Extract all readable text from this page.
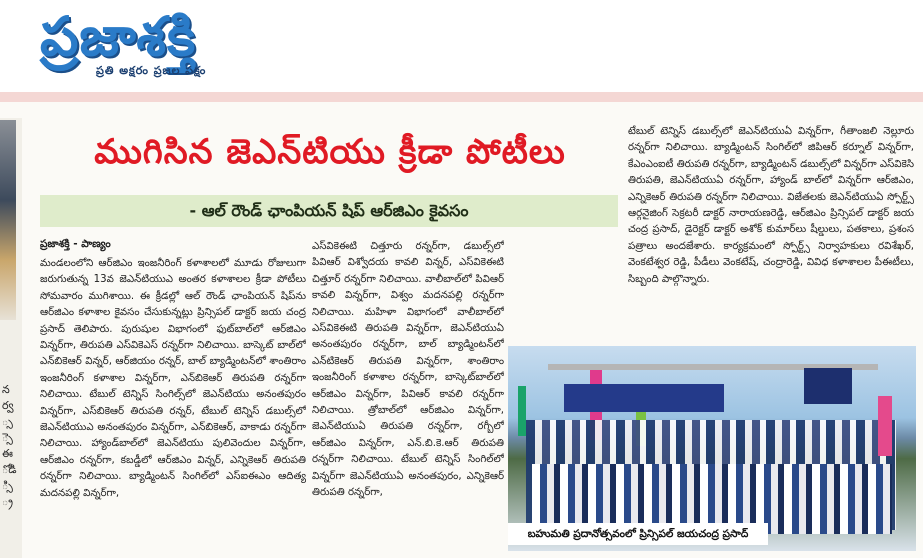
ప్రజాశక్తి
ప్రతి అక్షరం ప్రజల పక్షం
న ర్వ ్స ్సె ఈ ోడి ్సి ్ర
ముగిసిన జెఎన్‌టియు క్రీడా పోటీలు
- ఆల్‌ రౌండ్‌ ఛాంపియన్‌ షిప్‌ ఆర్‌జిఎం కైవసం
ప్రజాశక్తి - పాణ్యం
మండలంలోని ఆర్‌జిఎం ఇంజనీరింగ్‌ కళాశాలలో మూడు రోజులుగా జరుగుతున్న 13వ జెఎన్‌టియుఎ అంతర కళాశాలల క్రీడా పోటీలు సోమవారం ముగిశాయి. ఈ క్రీడల్లో ఆల్‌ రౌండ్‌ ఛాంపియన్‌ షిప్‌ను ఆర్‌జిఎం కళాశాల కైవసం చేసుకున్నట్లు ప్రిన్సిపల్‌ డాక్టర్‌ జయ చంద్ర ప్రసాద్‌ తెలిపారు. పురుషుల విభాగంలో ఫుట్‌బాల్‌లో ఆర్‌జిఎం విన్నర్‌గా, తిరుపతి ఎస్‌వికెఎస్‌ రన్నర్‌గా నిలిచాయి. బాస్కెట్‌ బాల్‌లో ఎన్‌బికెఆర్‌ విన్నర్‌, ఆర్‌జియం రన్నర్‌, బాల్‌ బ్యాడ్మింటన్‌లో శాంతిరాం ఇంజనీరింగ్‌ కళాశాల విన్నర్‌గా, ఎన్‌బికెఆర్‌ తిరుపతి రన్నర్‌గా నిలిచాయి. టేబుల్‌ టెన్నిస్‌ సింగిల్స్‌లో జెఎన్‌టియు అనంతపురం విన్నర్‌గా, ఎస్‌బికెఆర్‌ తిరుపతి రన్నర్‌, టేబుల్‌ టెన్నిస్‌ డబుల్స్‌లో జెఎన్‌టియుఎ అనంతపురం విన్నర్‌గా, ఎన్‌బికెఆర్‌, వాకాడు రన్నర్‌గా నిలిచాయి. హ్యాండ్‌బాల్‌లో జెఎన్‌టియు పులివెందుల విన్నర్‌గా, ఆర్‌జిఎం రన్నర్‌గా, కబడ్డీలో ఆర్‌జిఎం విన్నర్‌, ఎన్నికెఆర్‌ తిరుపతి రన్నర్‌గా నిలిచాయి. బ్యాడ్మింటన్‌ సింగిల్‌లో ఎస్‌ఐఈఎం ఆదిత్య మదనపల్లి విన్నర్‌గా,
ఎస్‌వికెఈటి చిత్తూరు రన్నర్‌గా, డబుల్స్‌లో పివిఆర్‌ విశ్వోదయ కావలి విన్నర్‌, ఎస్‌వికెఈటి చిత్తూర్‌ రన్నర్‌గా నిలిచాయి. వాలీబాల్‌లో పివిఆర్‌ కావలి విన్నర్‌గా, విశ్వం మదనపల్లి రన్నర్‌గా నిలిచాయి. మహిళా విభాగంలో వాలీబాల్‌లో ఎస్‌వికెఈటి తిరుపతి విన్నర్‌గా, జెఎన్‌టియుఏ అనంతపురం రన్నర్‌గా, బాల్‌ బ్యాడ్మింటన్‌లో ఎన్‌టికెఆర్‌ తిరుపతి విన్నర్‌గా, శాంతిరాం ఇంజనీరింగ్‌ కళాశాల రన్నర్‌గా, బాస్కెట్‌బాల్‌లో ఆర్‌జిఎం విన్నర్‌గా, పివిఆర్‌ కావలి రన్నర్‌గా నిలిచాయి. త్రోబాల్‌లో ఆర్‌జిఎం విన్నర్‌గా, జెఎన్‌టియుఏ తిరుపతి రన్నర్‌గా, రగ్బీలో ఆర్‌జిఎం విన్నర్‌గా, ఎన్‌.బి.కె.ఆర్‌ తిరుపతి రన్నర్‌గా నిలిచాయి. టేబుల్‌ టెన్నిస్‌ సింగిల్‌లో విన్నర్‌గా జెఎన్‌టియుఏ అనంతపురం, ఎన్నికెఆర్‌ తిరుపతి రన్నర్‌గా,
టేబుల్‌ టెన్నిస్‌ డబుల్స్‌లో జెఎన్‌టియుఏ విన్నర్‌గా, గీతాంజలి నెల్లూరు రన్నర్‌గా నిలిచాయి. బ్యాడ్మింటన్‌ సింగిల్‌లో జిపిఆర్‌ కర్నూల్‌ విన్నర్‌గా, కేఎంఎంఐటీ తిరుపతి రన్నర్‌గా, బ్యాడ్మింటన్‌ డబుల్స్‌లో విన్నర్‌గా ఎస్‌వికెసి తిరుపతి, జెఎన్‌టియుఏ రన్నర్‌గా, హ్యాండ్‌ బాల్‌లో విన్నర్‌గా ఆర్‌జిఎం, ఎన్నికెఆర్‌ తిరుపతి రన్నర్‌గా నిలిచాయి. విజేతలకు జెఎన్‌టియుఏ స్పోర్ట్స్‌ ఆర్గనైజింగ్‌ సెక్రటరీ డాక్టర్‌ నారాయణరెడ్డి, ఆర్‌జిఎం ప్రిన్సిపల్‌ డాక్టర్‌ జయ చంద్ర ప్రసాద్‌, డైరెక్టర్‌ డాక్టర్‌ అశోక్‌ కుమార్‌లు షీల్డులు, పతకాలు, ప్రశంస పత్రాలు అందజేశారు. కార్యక్రమంలో స్పోర్ట్స్‌ నిర్వాహకులు రవిశేఖర్‌, వెంకటేశ్వర రెడ్డి, పీడీలు వెంకటేష్‌, చంద్రారెడ్డి, వివిధ కళాశాలల పీఈటీలు, సిబ్బంది పాల్గొన్నారు.
బహుమతి ప్రదానోత్సవంలో ప్రిన్సిపల్‌ జయచంద్ర ప్రసాద్‌
